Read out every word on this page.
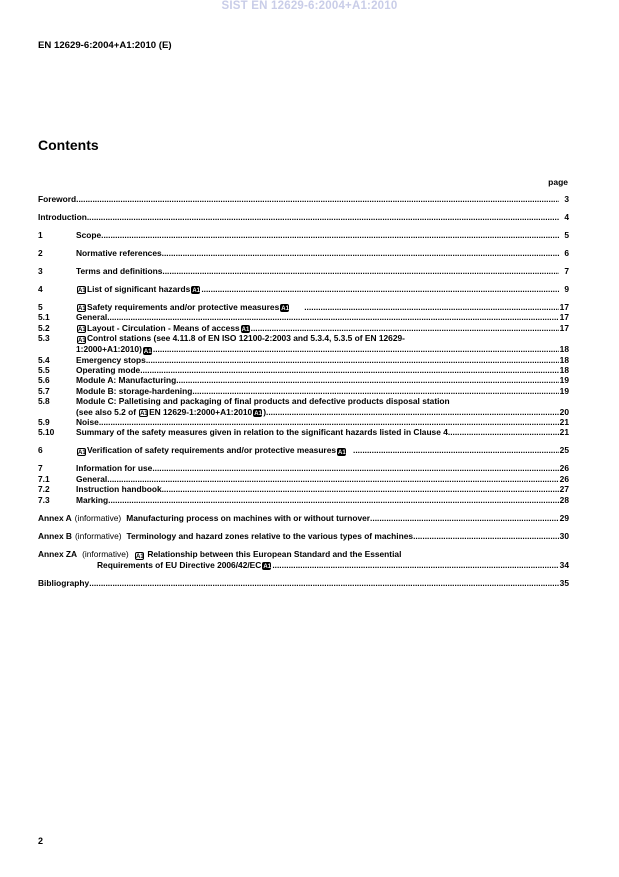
SIST EN 12629-6:2004+A1:2010
EN 12629-6:2004+A1:2010 (E)
Contents
page
Foreword .....	3
Introduction .....	4
1	Scope .....	5
2	Normative references .....	6
3	Terms and definitions .....	7
4	A1 List of significant hazards A1 .....	9
5	A1 Safety requirements and/or protective measures A1 .....	17
5.1	General .....	17
5.2	A1 Layout - Circulation - Means of access A1 .....	17
5.3	A1Control stations (see 4.11.8 of EN ISO 12100-2:2003 and 5.3.4, 5.3.5 of EN 12629-
1:2000+A1:2010) A1 .....	18
5.4	Emergency stops .....	18
5.5	Operating mode .....	18
5.6	Module A: Manufacturing .....	19
5.7	Module B: storage-hardening .....	19
5.8	Module C: Palletising and packaging of final products and defective products disposal station
(see also 5.2 of A1 EN 12629-1:2000+A1:2010 A1 ) .....	20
5.9	Noise .....	21
5.10	Summary of the safety measures given in relation to the significant hazards listed in Clause 4 .....	21
6	A1 Verification of safety requirements and/or protective measures A1 .....	25
7	Information for use .....	26
7.1	General .....	26
7.2	Instruction handbook .....	27
7.3	Marking .....	28
Annex A (informative) Manufacturing process on machines with or without turnover .....	29
Annex B (informative) Terminology and hazard zones relative to the various types of machines .....	30
Annex ZA (informative) A1 Relationship between this European Standard and the Essential
Requirements of EU Directive 2006/42/EC A1 .....	34
Bibliography .....	35
2
